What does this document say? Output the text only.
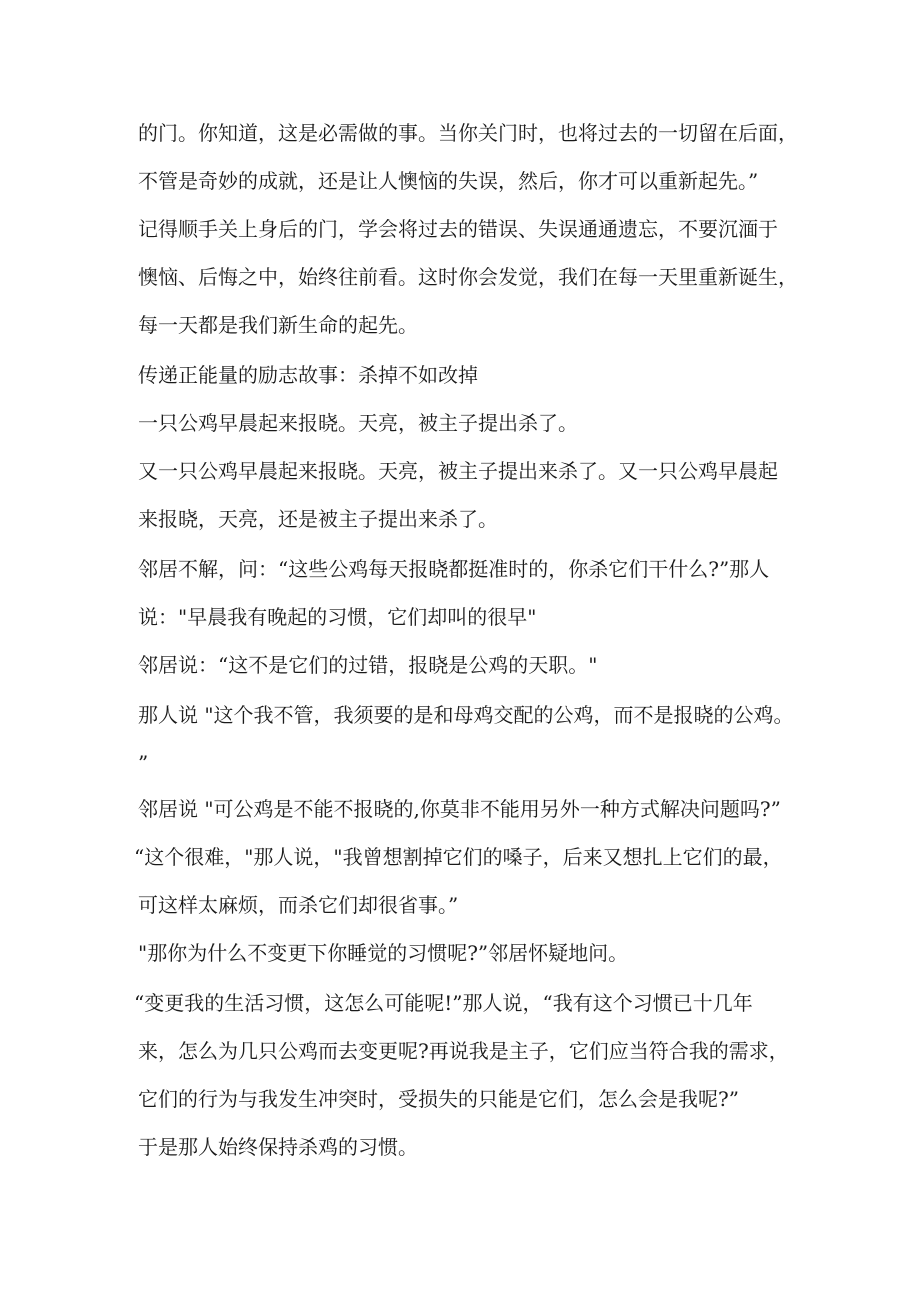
的门。你知道，这是必需做的事。当你关门时，也将过去的一切留在后面，
不管是奇妙的成就，还是让人懊恼的失误，然后，你才可以重新起先。”
记得顺手关上身后的门，学会将过去的错误、失误通通遗忘，不要沉湎于
懊恼、后悔之中，始终往前看。这时你会发觉，我们在每一天里重新诞生，
每一天都是我们新生命的起先。
传递正能量的励志故事：杀掉不如改掉
一只公鸡早晨起来报晓。天亮，被主子提出杀了。
又一只公鸡早晨起来报晓。天亮，被主子提出来杀了。又一只公鸡早晨起
来报晓，天亮，还是被主子提出来杀了。
邻居不解，问：“这些公鸡每天报晓都挺准时的，你杀它们干什么?”那人
说："早晨我有晚起的习惯，它们却叫的很早"
邻居说：“这不是它们的过错，报晓是公鸡的天职。"
那人说 "这个我不管，我须要的是和母鸡交配的公鸡，而不是报晓的公鸡。
”
邻居说 "可公鸡是不能不报晓的,你莫非不能用另外一种方式解决问题吗?”
“这个很难，"那人说，"我曾想割掉它们的嗓子，后来又想扎上它们的最，
可这样太麻烦，而杀它们却很省事。”
"那你为什么不变更下你睡觉的习惯呢?”邻居怀疑地问。
“变更我的生活习惯，这怎么可能呢!”那人说，“我有这个习惯已十几年
来，怎么为几只公鸡而去变更呢?再说我是主子，它们应当符合我的需求，
它们的行为与我发生冲突时，受损失的只能是它们，怎么会是我呢?”
于是那人始终保持杀鸡的习惯。
